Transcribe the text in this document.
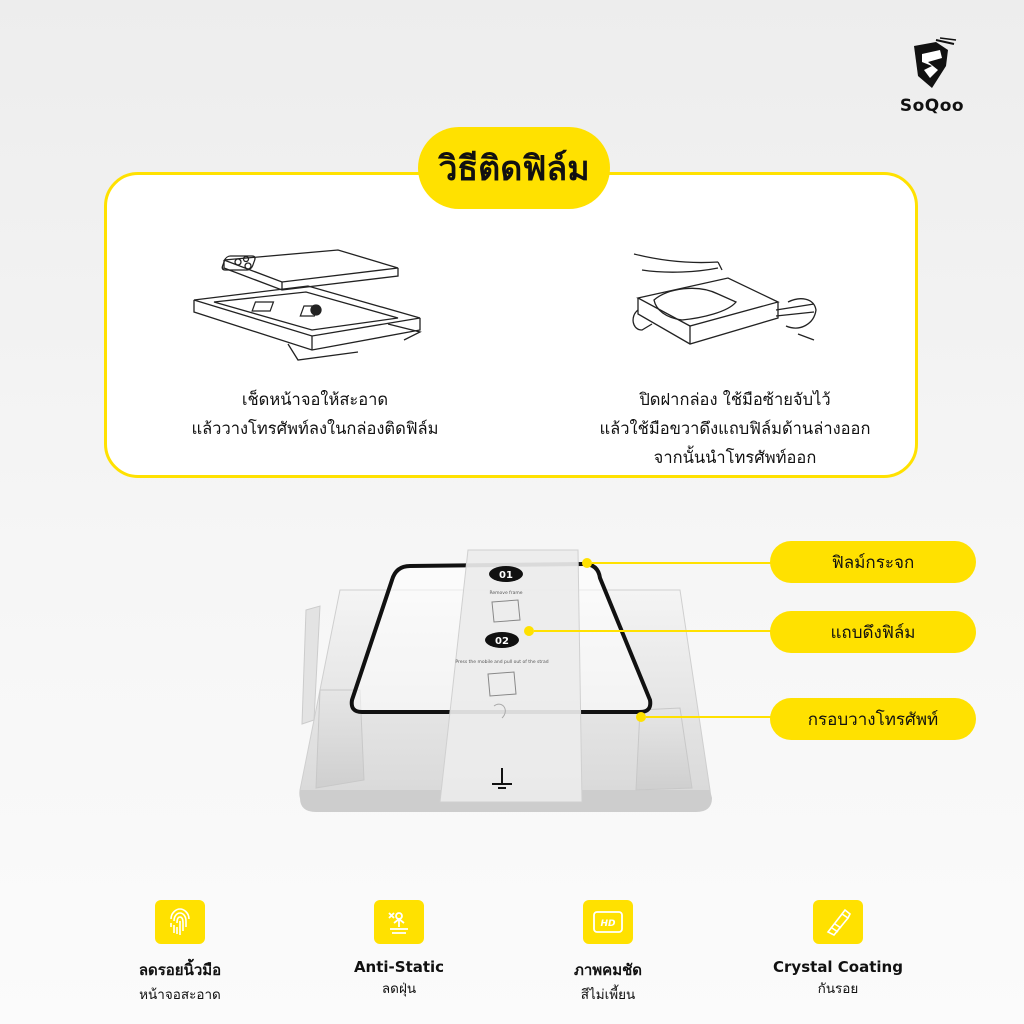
SoQoo
วิธีติดฟิล์ม
เช็ดหน้าจอให้สะอาด
แล้ววางโทรศัพท์ลงในกล่องติดฟิล์ม
ปิดฝากล่อง ใช้มือซ้ายจับไว้
แล้วใช้มือขวาดึงแถบฟิล์มด้านล่างออก
จากนั้นนำโทรศัพท์ออก
01
Remove frame
02
Press the mobile and pull out of the strad
ฟิลม์กระจก
แถบดึงฟิล์ม
กรอบวางโทรศัพท์
ลดรอยนิ้วมือ
หน้าจอสะอาด
Anti-Static
ลดฝุ่น
HD
ภาพคมชัด
สีไม่เพี้ยน
Crystal Coating
กันรอย
